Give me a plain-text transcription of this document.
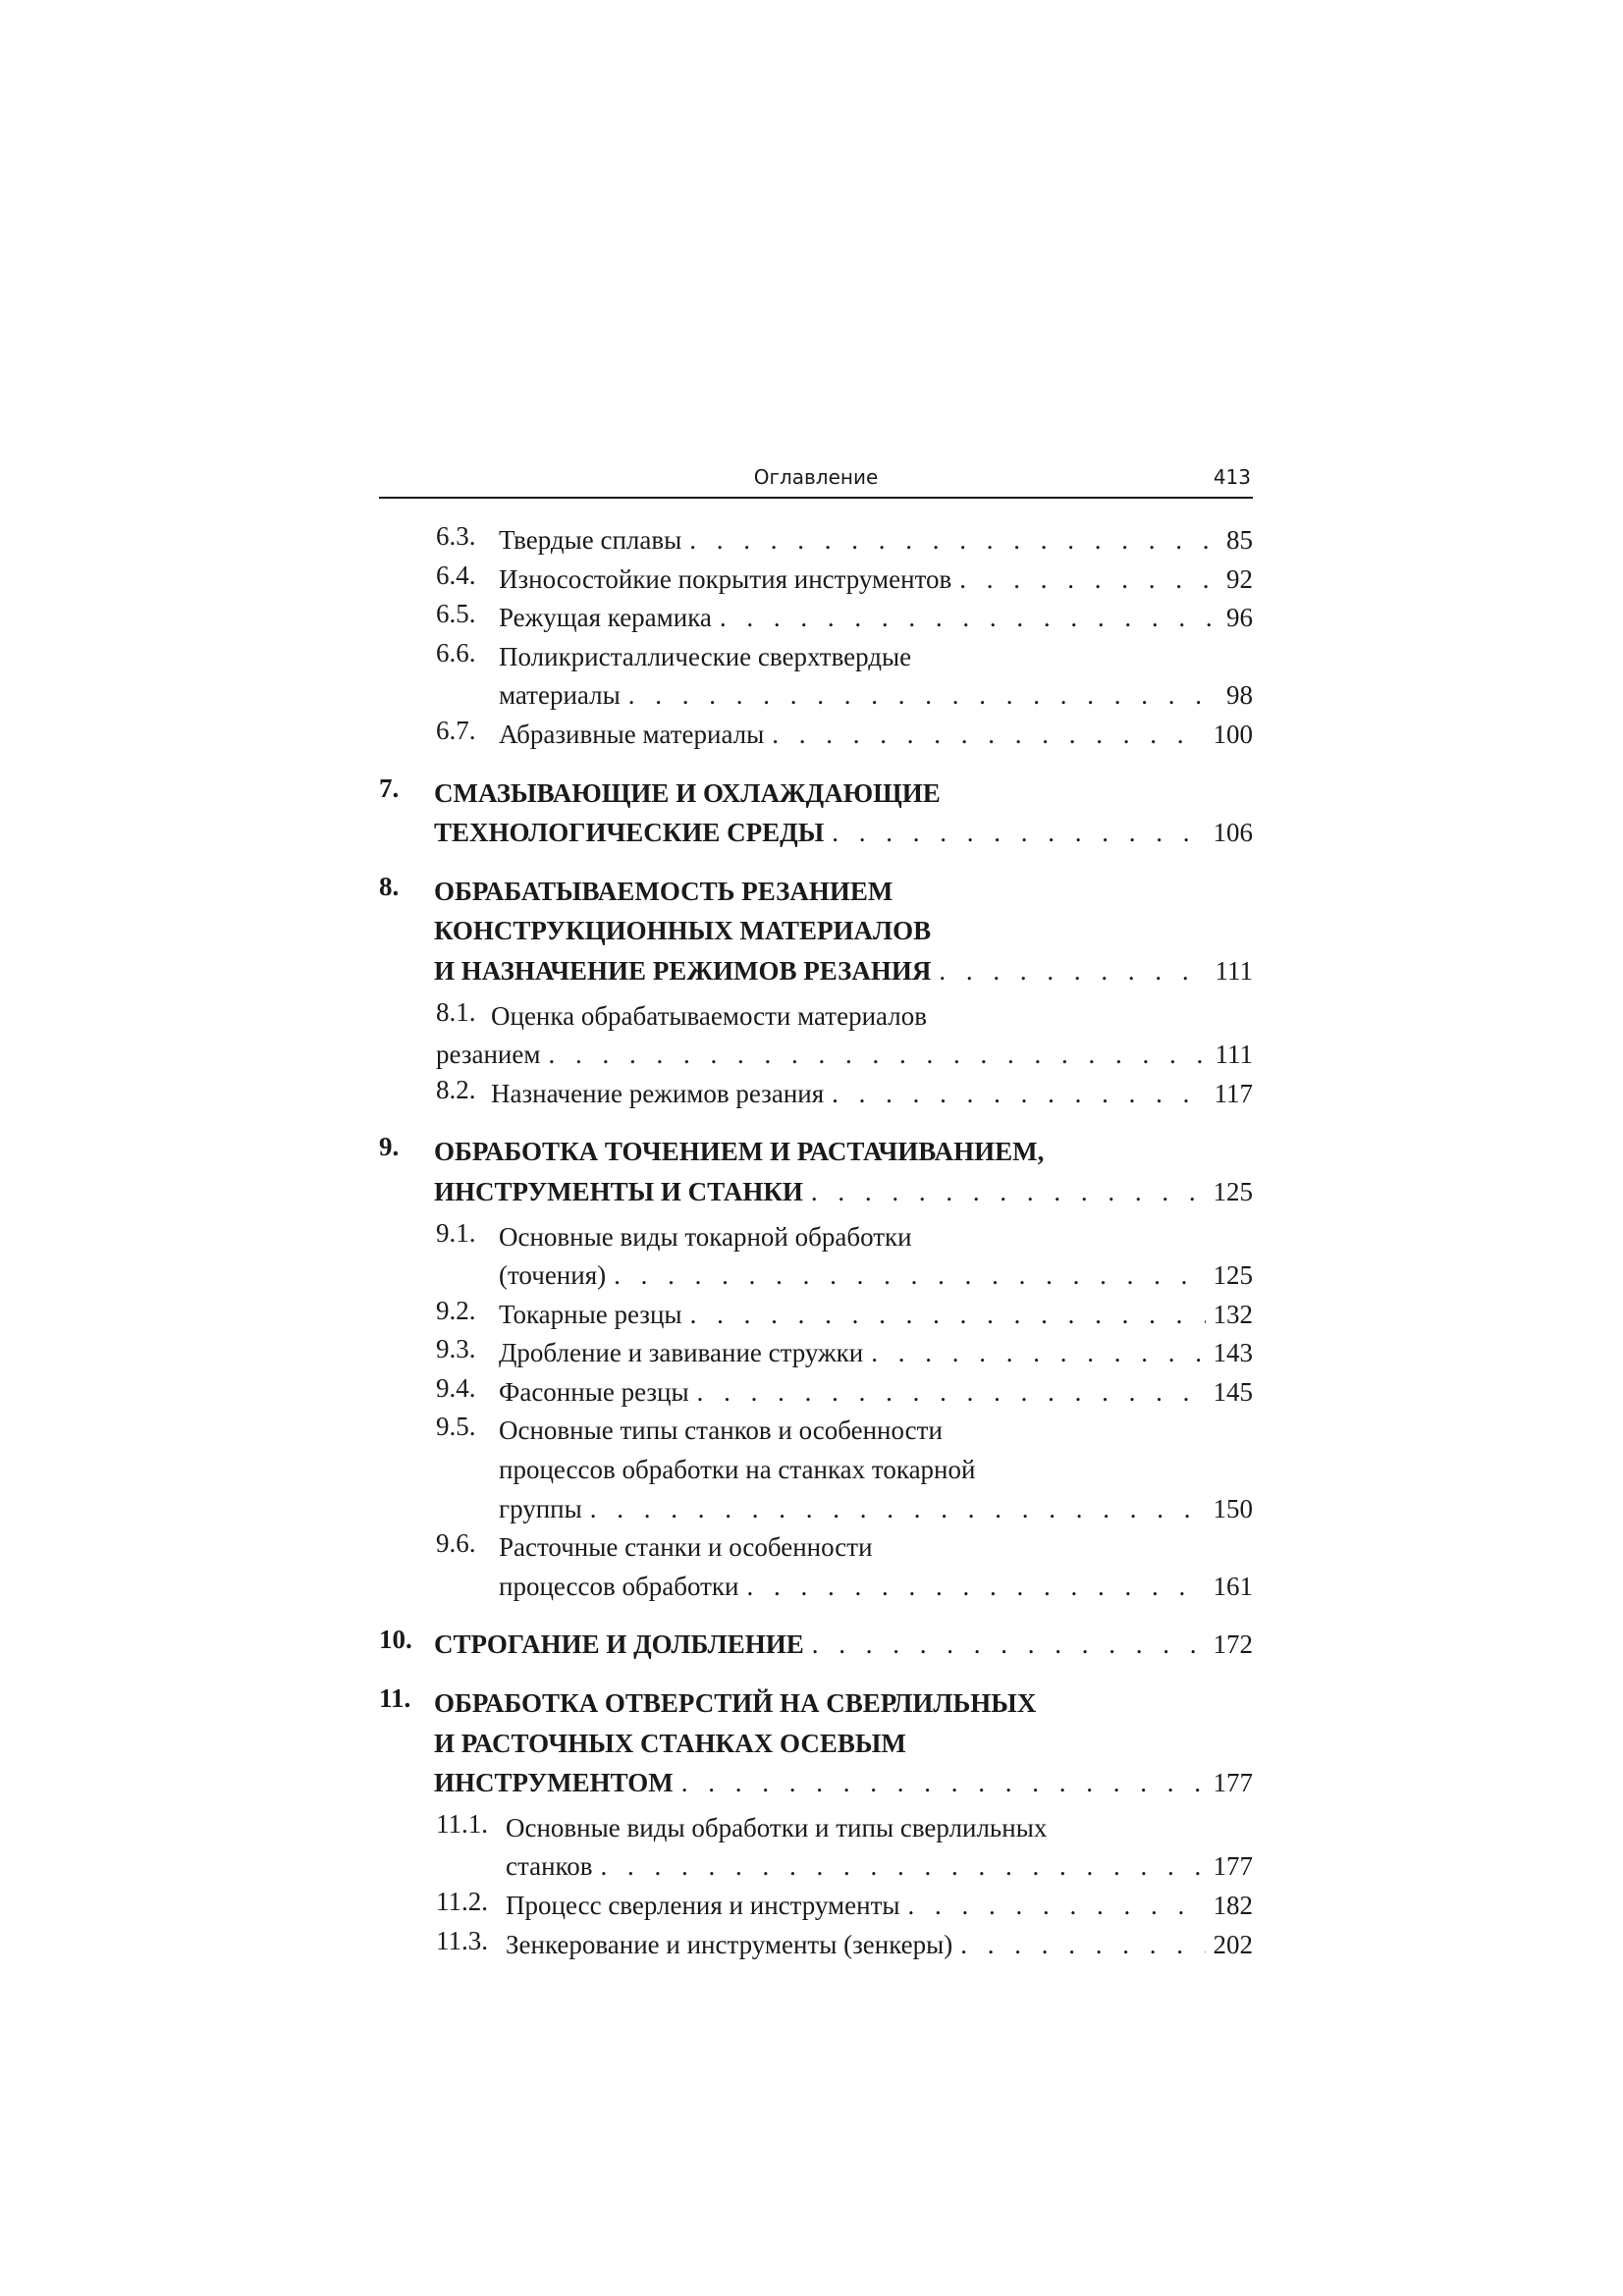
Оглавление	413
6.3. Твердые сплавы . . .	85
6.4. Износостойкие покрытия инструментов . . .	92
6.5. Режущая керамика . . .	96
6.6. Поликристаллические сверхтвердые
материалы . . .	98
6.7. Абразивные материалы . . .	100
7.	СМАЗЫВАЮЩИЕ И ОХЛАЖДАЮЩИЕ
ТЕХНОЛОГИЧЕСКИЕ СРЕДЫ . . .	106
8.	ОБРАБАТЫВАЕМОСТЬ РЕЗАНИЕМ
КОНСТРУКЦИОННЫХ МАТЕРИАЛОВ
И НАЗНАЧЕНИЕ РЕЖИМОВ РЕЗАНИЯ . . .	111
8.1. Оценка обрабатываемости материалов
резанием . . .	111
8.2. Назначение режимов резания . . .	117
9.	ОБРАБОТКА ТОЧЕНИЕМ И РАСТАЧИВАНИЕМ,
ИНСТРУМЕНТЫ И СТАНКИ . . .	125
9.1. Основные виды токарной обработки
(точения) . . .	125
9.2. Токарные резцы . . .	132
9.3. Дробление и завивание стружки . . .	143
9.4. Фасонные резцы . . .	145
9.5. Основные типы станков и особенности
процессов обработки на станках токарной
группы . . .	150
9.6. Расточные станки и особенности
процессов обработки . . .	161
10. СТРОГАНИЕ И ДОЛБЛЕНИЕ . . .	172
11. ОБРАБОТКА ОТВЕРСТИЙ НА СВЕРЛИЛЬНЫХ
И РАСТОЧНЫХ СТАНКАХ ОСЕВЫМ
ИНСТРУМЕНТОМ . . .	177
11.1. Основные виды обработки и типы сверлильных
станков . . .	177
11.2. Процесс сверления и инструменты . . .	182
11.3. Зенкерование и инструменты (зенкеры) . . .	202
